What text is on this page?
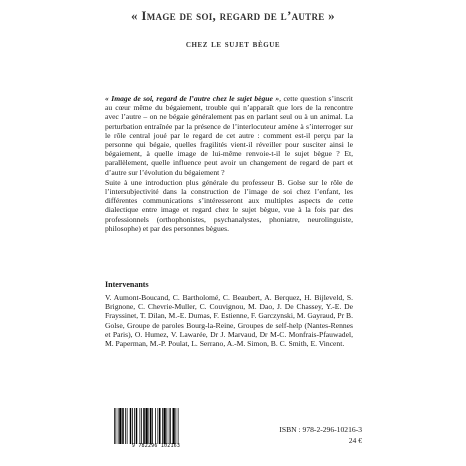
« Image de soi, regard de l’autre »
chez le sujet bègue

« Image de soi, regard de l’autre chez le sujet bègue », cette question s’inscrit au cœur même du bégaiement, trouble qui n’apparaît que lors de la rencontre avec l’autre – on ne bégaie généralement pas en parlant seul ou à un animal. La perturbation entraînée par la présence de l’interlocuteur amène à s’interroger sur le rôle central joué par le regard de cet autre : comment est-il perçu par la personne qui bégaie, quelles fragilités vient-il réveiller pour susciter ainsi le bégaiement, à quelle image de lui-même renvoie-t-il le sujet bègue ? Et, parallèlement, quelle influence peut avoir un changement de regard de part et d’autre sur l’évolution du bégaiement ?

Suite à une introduction plus générale du professeur B. Golse sur le rôle de l’intersubjectivité dans la construction de l’image de soi chez l’enfant, les différentes communications s’intéresseront aux multiples aspects de cette dialectique entre image et regard chez le sujet bègue, vue à la fois par des professionnels (orthophonistes, psychanalystes, phoniatre, neurolinguiste, philosophe) et par des personnes bègues.

Intervenants
V. Aumont-Boucand, C. Bartholomé, C. Beaubert, A. Berquez, H. Bijleveld, S. Brignone, C. Chevrie-Muller, C. Couvignou, M. Dao, J. De Chassey, Y.-E. De Frayssinet, T. Dilan, M.-E. Dumas, F. Estienne, F. Garczynski, M. Gayraud, Pr B. Golse, Groupe de paroles Bourg-la-Reine, Groupes de self-help (Nantes-Rennes et Paris), O. Humez, V. Lawarée, Dr J. Marvaud, Dr M-C. Monfrais-Pfauwadel, M. Paperman, M.-P. Poulat, L. Serrano, A.-M. Simon, B. C. Smith, E. Vincent.
9 782296 102163
ISBN : 978-2-296-10216-3
24 €
